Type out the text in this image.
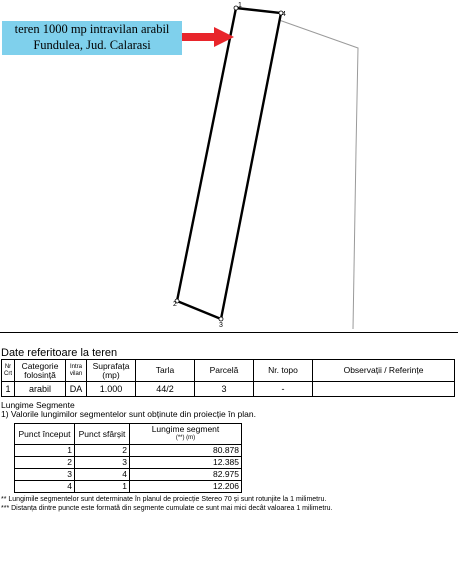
1
2
3
4
teren 1000 mp intravilan arabil
Fundulea, Jud. Calarasi
Date referitoare la teren
Nr Crt	Categorie folosință	Intra vilan	Suprafața (mp)	Tarla	Parcelă	Nr. topo	Observații / Referințe
1	arabil	DA	1.000	44/2	3	-	
Lungime Segmente
1) Valorile lungimilor segmentelor sunt obținute din proiecție în plan.
Punct început	Punct sfârșit	Lungime segment
(**) (m)

1	2	80.878
2	3	12.385
3	4	82.975
4	1	12.206
** Lungimile segmentelor sunt determinate în planul de proiecție Stereo 70 și sunt rotunjite la 1 milimetru.
*** Distanța dintre puncte este formată din segmente cumulate ce sunt mai mici decât valoarea 1 milimetru.
